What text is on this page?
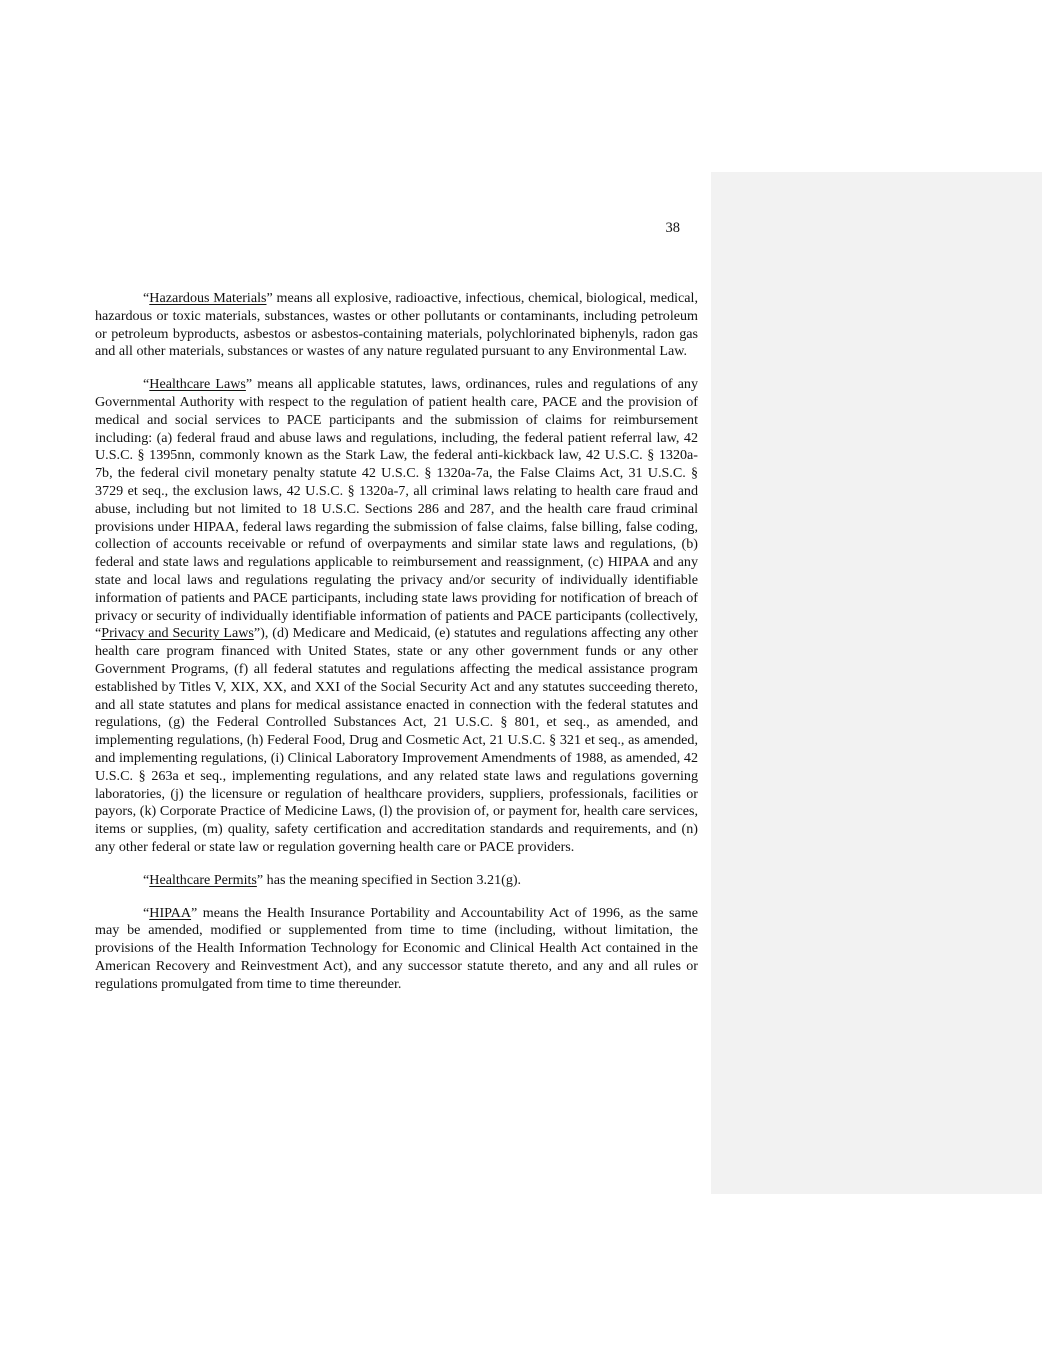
38

“Hazardous Materials” means all explosive, radioactive, infectious, chemical, biological, medical, hazardous or toxic materials, substances, wastes or other pollutants or contaminants, including petroleum or petroleum byproducts, asbestos or asbestos-containing materials, polychlorinated biphenyls, radon gas and all other materials, substances or wastes of any nature regulated pursuant to any Environmental Law.

“Healthcare Laws” means all applicable statutes, laws, ordinances, rules and regulations of any Governmental Authority with respect to the regulation of patient health care, PACE and the provision of medical and social services to PACE participants and the submission of claims for reimbursement including: (a) federal fraud and abuse laws and regulations, including, the federal patient referral law, 42 U.S.C. § 1395nn, commonly known as the Stark Law, the federal anti-kickback law, 42 U.S.C. § 1320a-7b, the federal civil monetary penalty statute 42 U.S.C. § 1320a-7a, the False Claims Act, 31 U.S.C. § 3729 et seq., the exclusion laws, 42 U.S.C. § 1320a-7, all criminal laws relating to health care fraud and abuse, including but not limited to 18 U.S.C. Sections 286 and 287, and the health care fraud criminal provisions under HIPAA, federal laws regarding the submission of false claims, false billing, false coding, collection of accounts receivable or refund of overpayments and similar state laws and regulations, (b) federal and state laws and regulations applicable to reimbursement and reassignment, (c) HIPAA and any state and local laws and regulations regulating the privacy and/or security of individually identifiable information of patients and PACE participants, including state laws providing for notification of breach of privacy or security of individually identifiable information of patients and PACE participants (collectively, “Privacy and Security Laws”), (d) Medicare and Medicaid, (e) statutes and regulations affecting any other health care program financed with United States, state or any other government funds or any other Government Programs, (f) all federal statutes and regulations affecting the medical assistance program established by Titles V, XIX, XX, and XXI of the Social Security Act and any statutes succeeding thereto, and all state statutes and plans for medical assistance enacted in connection with the federal statutes and regulations, (g) the Federal Controlled Substances Act, 21 U.S.C. § 801, et seq., as amended, and implementing regulations, (h) Federal Food, Drug and Cosmetic Act, 21 U.S.C. § 321 et seq., as amended, and implementing regulations, (i) Clinical Laboratory Improvement Amendments of 1988, as amended, 42 U.S.C. § 263a et seq., implementing regulations, and any related state laws and regulations governing laboratories, (j) the licensure or regulation of healthcare providers, suppliers, professionals, facilities or payors, (k) Corporate Practice of Medicine Laws, (l) the provision of, or payment for, health care services, items or supplies, (m) quality, safety certification and accreditation standards and requirements, and (n) any other federal or state law or regulation governing health care or PACE providers.

“Healthcare Permits” has the meaning specified in Section 3.21(g).

“HIPAA” means the Health Insurance Portability and Accountability Act of 1996, as the same may be amended, modified or supplemented from time to time (including, without limitation, the provisions of the Health Information Technology for Economic and Clinical Health Act contained in the American Recovery and Reinvestment Act), and any successor statute thereto, and any and all rules or regulations promulgated from time to time thereunder.
